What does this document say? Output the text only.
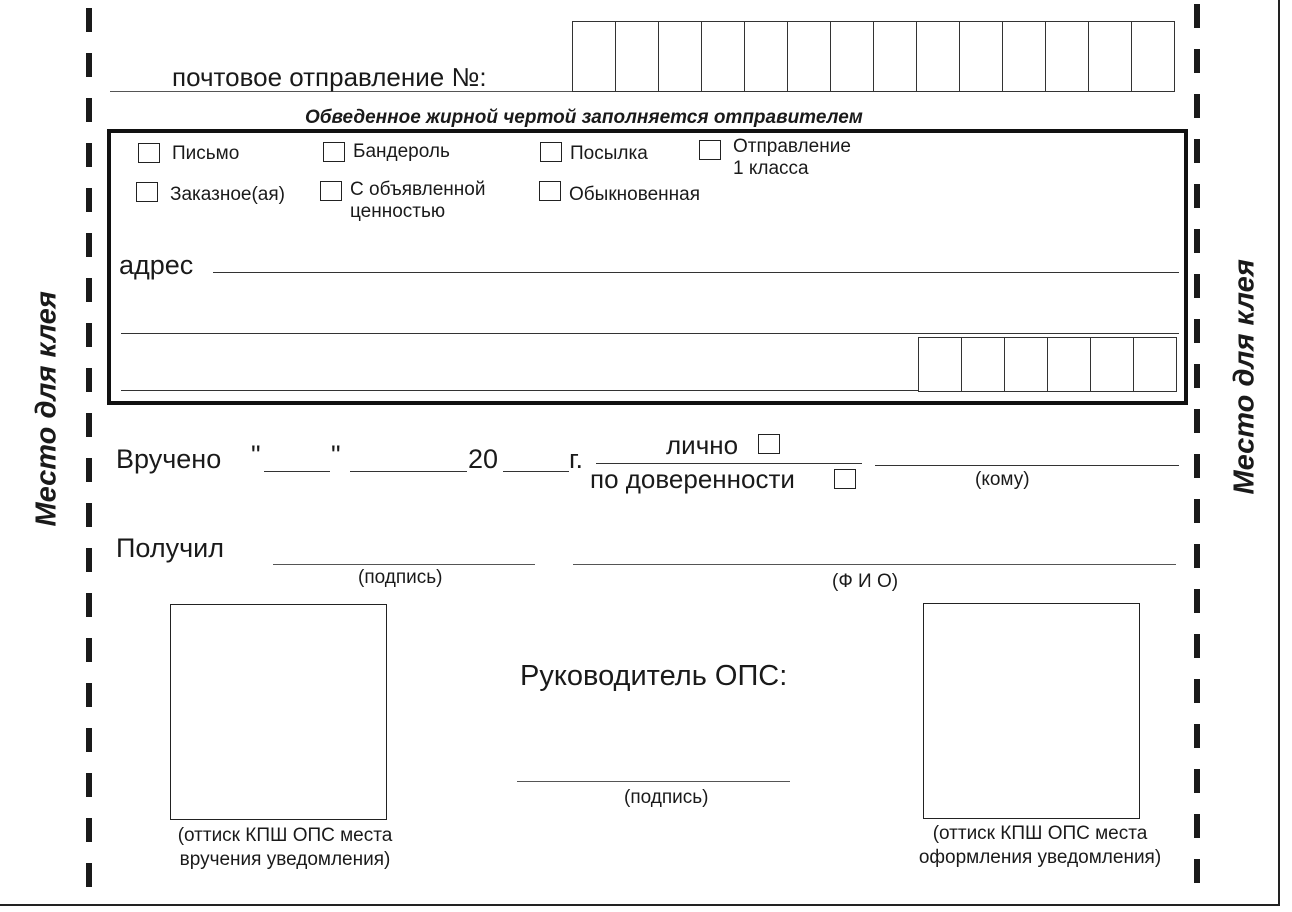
Место для клея	Место для клея
почтовое отправление №:
Обведенное жирной чертой заполняется отправителем
Письмо	Бандероль	Посылка	Отправление
1 класса
Заказное(ая)	С объявленной
ценностью
Обыкновенная
адрес
Вручено "	"	20	г.	лично
по доверенности	(кому)
Получил
(подпись)	(Ф И О)
(оттиск КПШ ОПС места
вручения уведомления)
(оттиск КПШ ОПС места
оформления уведомления)
Руководитель ОПС:
(подпись)
